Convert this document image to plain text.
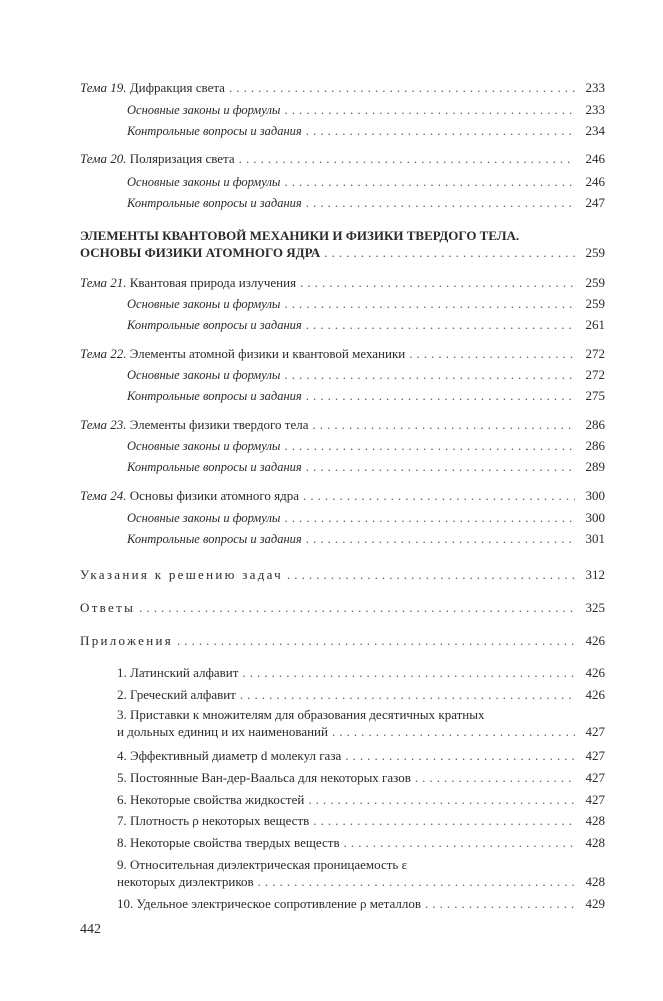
Тема 19. Дифракция света . . .	233
Основные законы и формулы . . .	233
Контрольные вопросы и задания . . .	234
Тема 20. Поляризация света . . .	246
Основные законы и формулы . . .	246
Контрольные вопросы и задания . . .	247
ЭЛЕМЕНТЫ КВАНТОВОЙ МЕХАНИКИ И ФИЗИКИ ТВЕРДОГО ТЕЛА.
ОСНОВЫ ФИЗИКИ АТОМНОГО ЯДРА . . .	259
Тема 21. Квантовая природа излучения . . .	259
Основные законы и формулы . . .	259
Контрольные вопросы и задания . . .	261
Тема 22. Элементы атомной физики и квантовой механики . . .	272
Основные законы и формулы . . .	272
Контрольные вопросы и задания . . .	275
Тема 23. Элементы физики твердого тела . . .	286
Основные законы и формулы . . .	286
Контрольные вопросы и задания . . .	289
Тема 24. Основы физики атомного ядра . . .	300
Основные законы и формулы . . .	300
Контрольные вопросы и задания . . .	301
Указания к решению задач . . .	312
Ответы . . .	325
Приложения . . .	426
1. Латинский алфавит . . .	426
2. Греческий алфавит . . .	426
3. Приставки к множителям для образования десятичных кратных
и дольных единиц и их наименований . . .	427
4. Эффективный диаметр d молекул газа . . .	427
5. Постоянные Ван-дер-Ваальса для некоторых газов . . .	427
6. Некоторые свойства жидкостей . . .	427
7. Плотность ρ некоторых веществ . . .	428
8. Некоторые свойства твердых веществ . . .	428
9. Относительная диэлектрическая проницаемость ε
некоторых диэлектриков . . .	428
10. Удельное электрическое сопротивление ρ металлов . . .	429
442
